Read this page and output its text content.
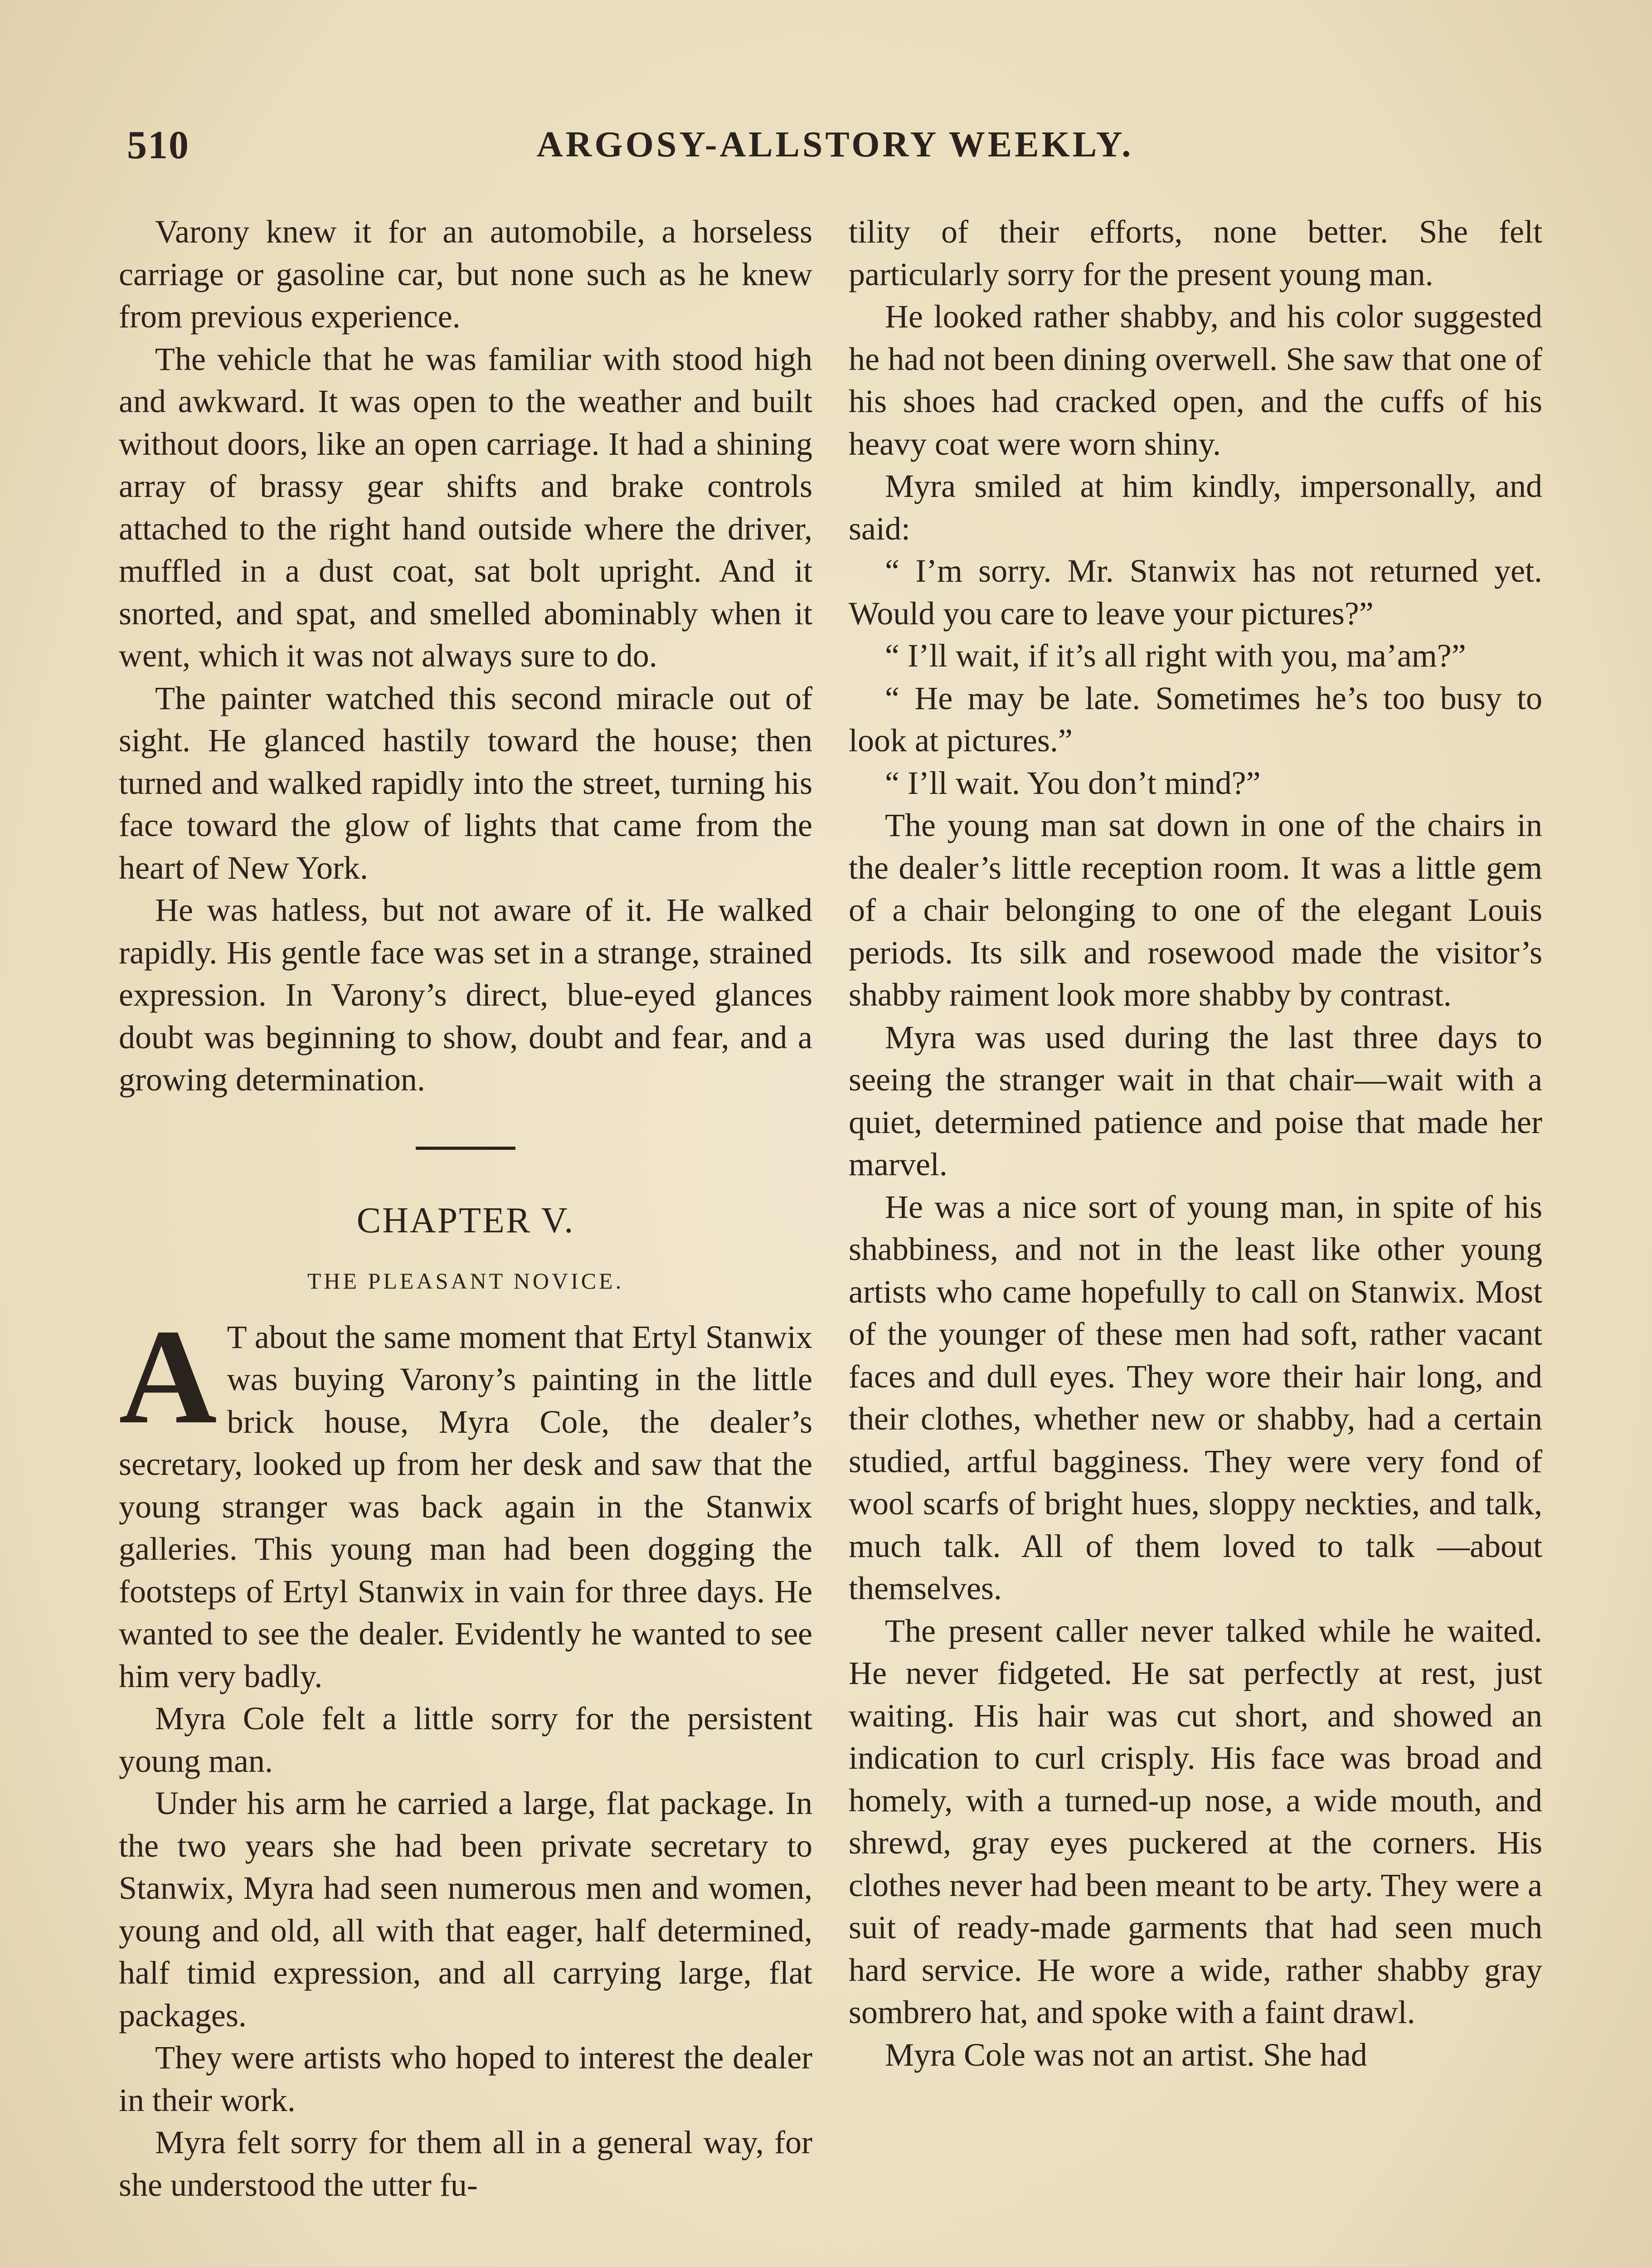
510	ARGOSY-ALLSTORY WEEKLY.

Varony knew it for an automobile, a horseless carriage or gasoline car, but none such as he knew from previous experience.

The vehicle that he was familiar with stood high and awkward. It was open to the weather and built without doors, like an open carriage. It had a shining array of brassy gear shifts and brake controls attached to the right hand outside where the driver, muffled in a dust coat, sat bolt upright. And it snorted, and spat, and smelled abominably when it went, which it was not always sure to do.

The painter watched this second miracle out of sight. He glanced hastily toward the house; then turned and walked rapidly into the street, turning his face toward the glow of lights that came from the heart of New York.

He was hatless, but not aware of it. He walked rapidly. His gentle face was set in a strange, strained expression. In Varony’s direct, blue-eyed glances doubt was beginning to show, doubt and fear, and a growing determination.

CHAPTER V.
THE PLEASANT NOVICE.

A T about the same moment that Ertyl Stanwix was buying Varony’s painting in the little brick house, Myra Cole, the dealer’s secretary, looked up from her desk and saw that the young stranger was back again in the Stanwix galleries. This young man had been dogging the footsteps of Ertyl Stanwix in vain for three days. He wanted to see the dealer. Evidently he wanted to see him very badly.

Myra Cole felt a little sorry for the persistent young man.

Under his arm he carried a large, flat package. In the two years she had been private secretary to Stanwix, Myra had seen numerous men and women, young and old, all with that eager, half determined, half timid expression, and all carrying large, flat packages.

They were artists who hoped to interest the dealer in their work.

Myra felt sorry for them all in a general way, for she understood the utter fu-

tility of their efforts, none better. She felt particularly sorry for the present young man.

He looked rather shabby, and his color suggested he had not been dining overwell. She saw that one of his shoes had cracked open, and the cuffs of his heavy coat were worn shiny.

Myra smiled at him kindly, impersonally, and said:

“ I’m sorry. Mr. Stanwix has not returned yet. Would you care to leave your pictures?”

“ I’ll wait, if it’s all right with you, ma’am?”

“ He may be late. Sometimes he’s too busy to look at pictures.”

“ I’ll wait. You don’t mind?”

The young man sat down in one of the chairs in the dealer’s little reception room. It was a little gem of a chair belonging to one of the elegant Louis periods. Its silk and rosewood made the visitor’s shabby raiment look more shabby by contrast.

Myra was used during the last three days to seeing the stranger wait in that chair—wait with a quiet, determined patience and poise that made her marvel.

He was a nice sort of young man, in spite of his shabbiness, and not in the least like other young artists who came hopefully to call on Stanwix. Most of the younger of these men had soft, rather vacant faces and dull eyes. They wore their hair long, and their clothes, whether new or shabby, had a certain studied, artful bagginess. They were very fond of wool scarfs of bright hues, sloppy neckties, and talk, much talk. All of them loved to talk —about themselves.

The present caller never talked while he waited. He never fidgeted. He sat perfectly at rest, just waiting. His hair was cut short, and showed an indication to curl crisply. His face was broad and homely, with a turned-up nose, a wide mouth, and shrewd, gray eyes puckered at the corners. His clothes never had been meant to be arty. They were a suit of ready-made garments that had seen much hard service. He wore a wide, rather shabby gray sombrero hat, and spoke with a faint drawl.

Myra Cole was not an artist. She had
